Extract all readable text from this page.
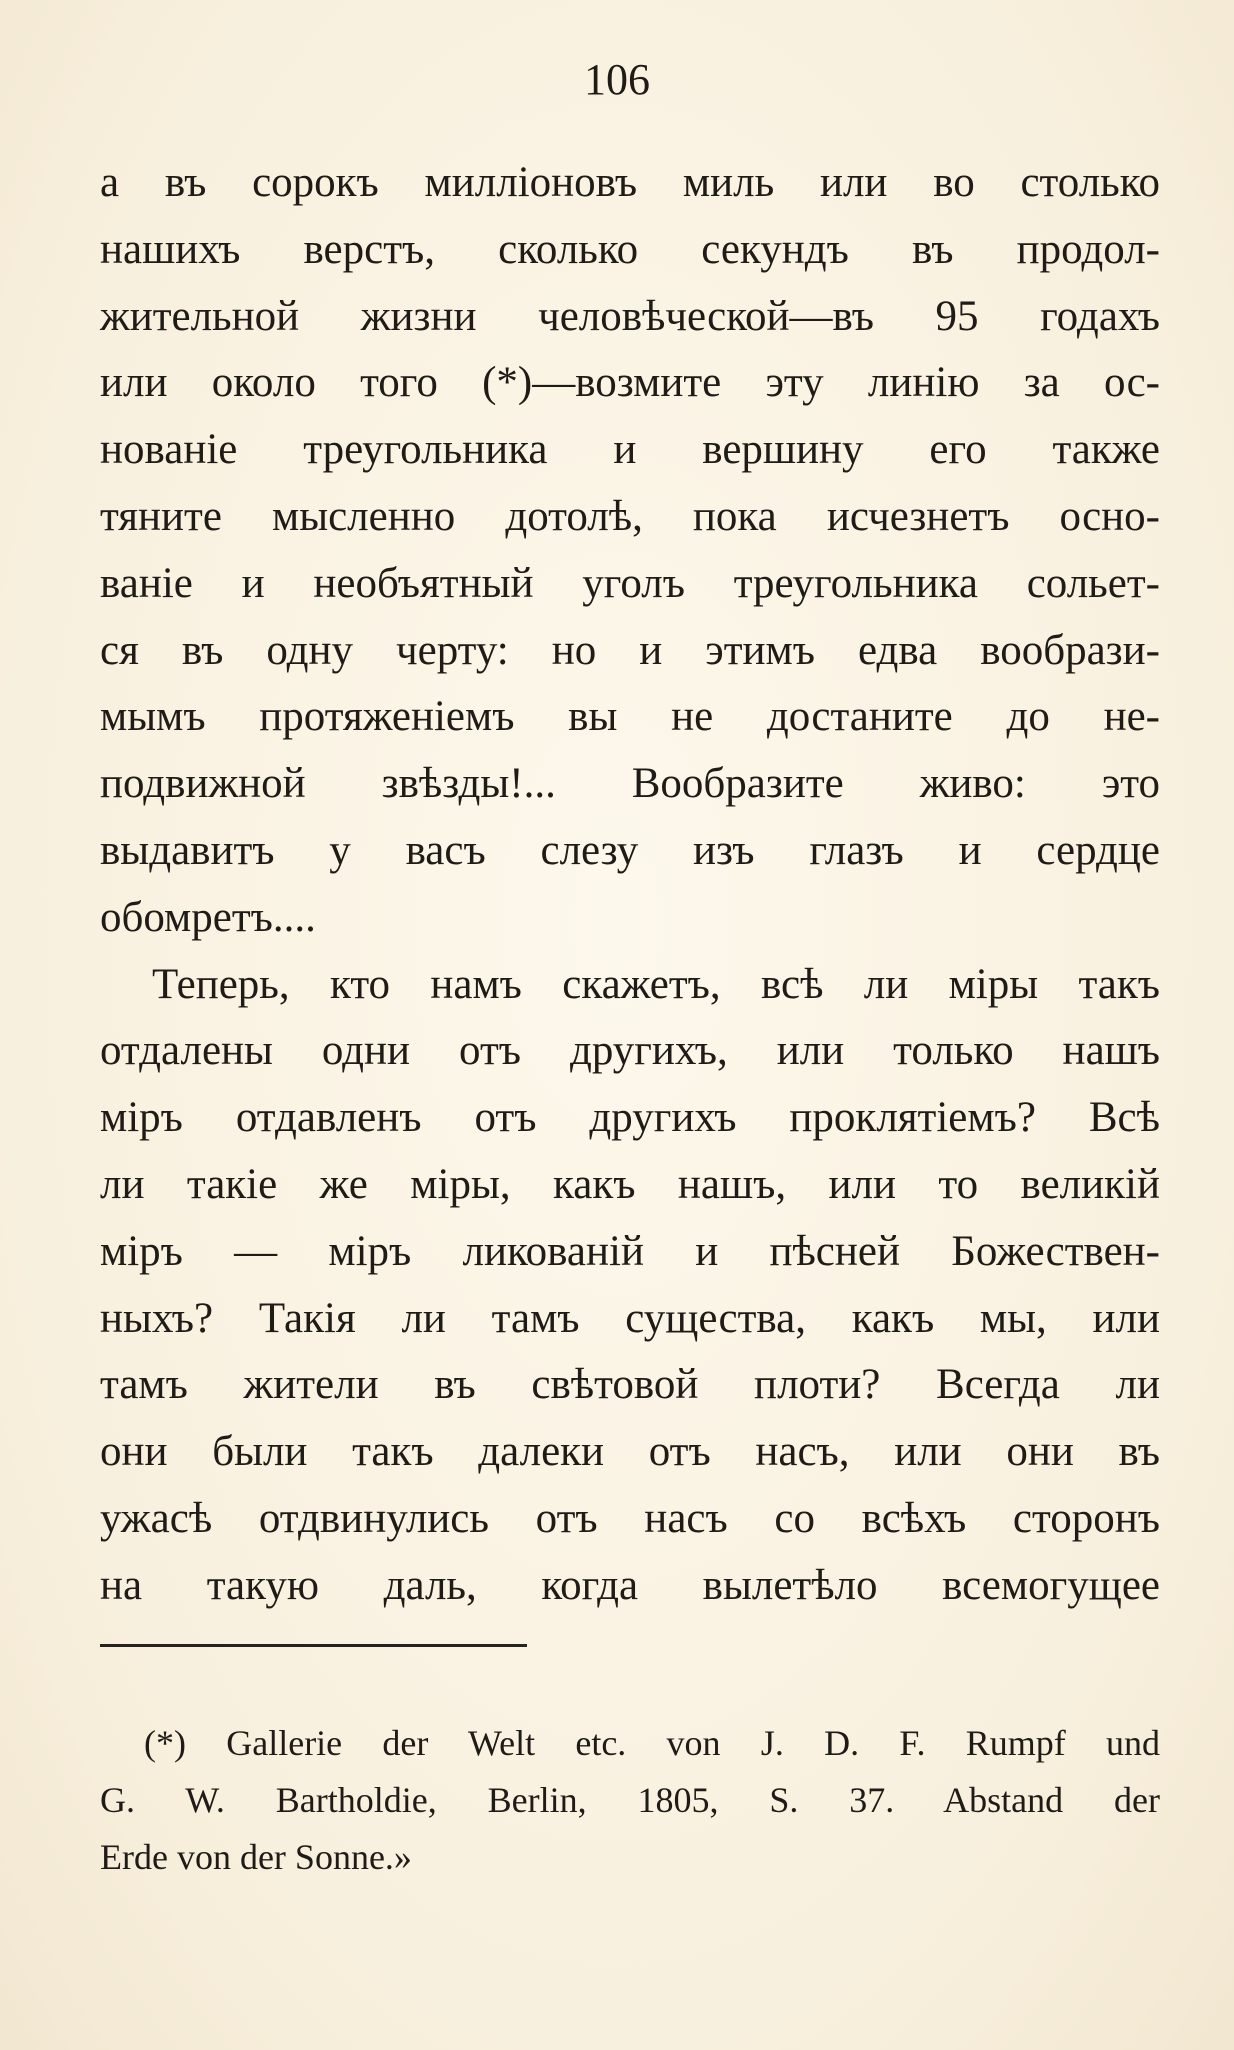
106
а въ сорокъ милліоновъ миль или во столько
нашихъ верстъ, сколько секундъ въ продол-
жительной жизни человѣческой—въ 95 годахъ
или около того (*)—возмите эту линію за ос-
нованіе треугольника и вершину его также
тяните мысленно дотолѣ, пока исчезнетъ осно-
ваніе и необъятный уголъ треугольника сольет-
ся въ одну черту: но и этимъ едва вообрази-
мымъ протяженіемъ вы не достаните до не-
подвижной звѣзды!... Вообразите живо: это
выдавитъ у васъ слезу изъ глазъ и сердце
обомретъ....
Теперь, кто намъ скажетъ, всѣ ли міры такъ
отдалены одни отъ другихъ, или только нашъ
міръ отдавленъ отъ другихъ проклятіемъ? Всѣ
ли такіе же міры, какъ нашъ, или то великій
міръ — міръ ликованій и пѣсней Божествен-
ныхъ? Такія ли тамъ существа, какъ мы, или
тамъ жители въ свѣтовой плоти? Всегда ли
они были такъ далеки отъ насъ, или они въ
ужасѣ отдвинулись отъ насъ со всѣхъ сторонъ
на такую даль, когда вылетѣло всемогущее
(*) Gallerie der Welt etc. von J. D. F. Rumpf und
G. W. Bartholdie, Berlin, 1805, S. 37. Abstand der
Erde von der Sonne.»
